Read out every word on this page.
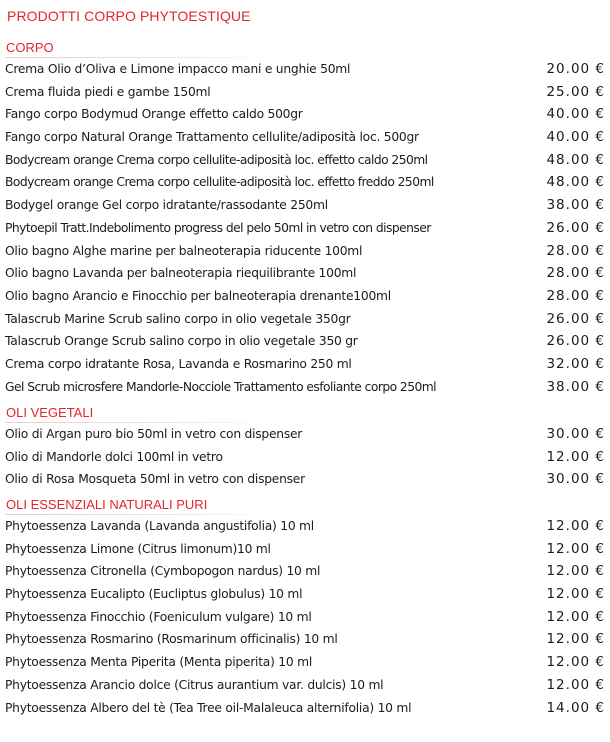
PRODOTTI CORPO PHYTOESTIQUE
CORPO
Crema Olio d’Oliva e Limone impacco mani e unghie 50ml	20.00 €
Crema fluida piedi e gambe 150ml	25.00 €
Fango corpo Bodymud Orange effetto caldo 500gr	40.00 €
Fango corpo Natural Orange Trattamento cellulite/adiposità loc. 500gr	40.00 €
Bodycream orange Crema corpo cellulite-adiposità loc. effetto caldo 250ml	48.00 €
Bodycream orange Crema corpo cellulite-adiposità loc. effetto freddo 250ml	48.00 €
Bodygel orange Gel corpo idratante/rassodante 250ml	38.00 €
Phytoepil Tratt.Indebolimento progress del pelo 50ml in vetro con dispenser	26.00 €
Olio bagno Alghe marine per balneoterapia riducente 100ml	28.00 €
Olio bagno Lavanda per balneoterapia riequilibrante 100ml	28.00 €
Olio bagno Arancio e Finocchio per balneoterapia drenante100ml	28.00 €
Talascrub Marine Scrub salino corpo in olio vegetale 350gr	26.00 €
Talascrub Orange Scrub salino corpo in olio vegetale 350 gr	26.00 €
Crema corpo idratante Rosa, Lavanda e Rosmarino 250 ml	32.00 €
Gel Scrub microsfere Mandorle-Nocciole Trattamento esfoliante corpo 250ml	38.00 €
OLI VEGETALI
Olio di Argan puro bio 50ml in vetro con dispenser	30.00 €
Olio di Mandorle dolci 100ml in vetro	12.00 €
Olio di Rosa Mosqueta 50ml in vetro con dispenser	30.00 €
OLI ESSENZIALI NATURALI PURI
Phytoessenza Lavanda (Lavanda angustifolia) 10 ml	12.00 €
Phytoessenza Limone (Citrus limonum)10 ml	12.00 €
Phytoessenza Citronella (Cymbopogon nardus) 10 ml	12.00 €
Phytoessenza Eucalipto (Eucliptus globulus) 10 ml	12.00 €
Phytoessenza Finocchio (Foeniculum vulgare) 10 ml	12.00 €
Phytoessenza Rosmarino (Rosmarinum officinalis) 10 ml	12.00 €
Phytoessenza Menta Piperita (Menta piperita) 10 ml	12.00 €
Phytoessenza Arancio dolce (Citrus aurantium var. dulcis) 10 ml	12.00 €
Phytoessenza Albero del tè (Tea Tree oil-Malaleuca alternifolia) 10 ml	14.00 €
